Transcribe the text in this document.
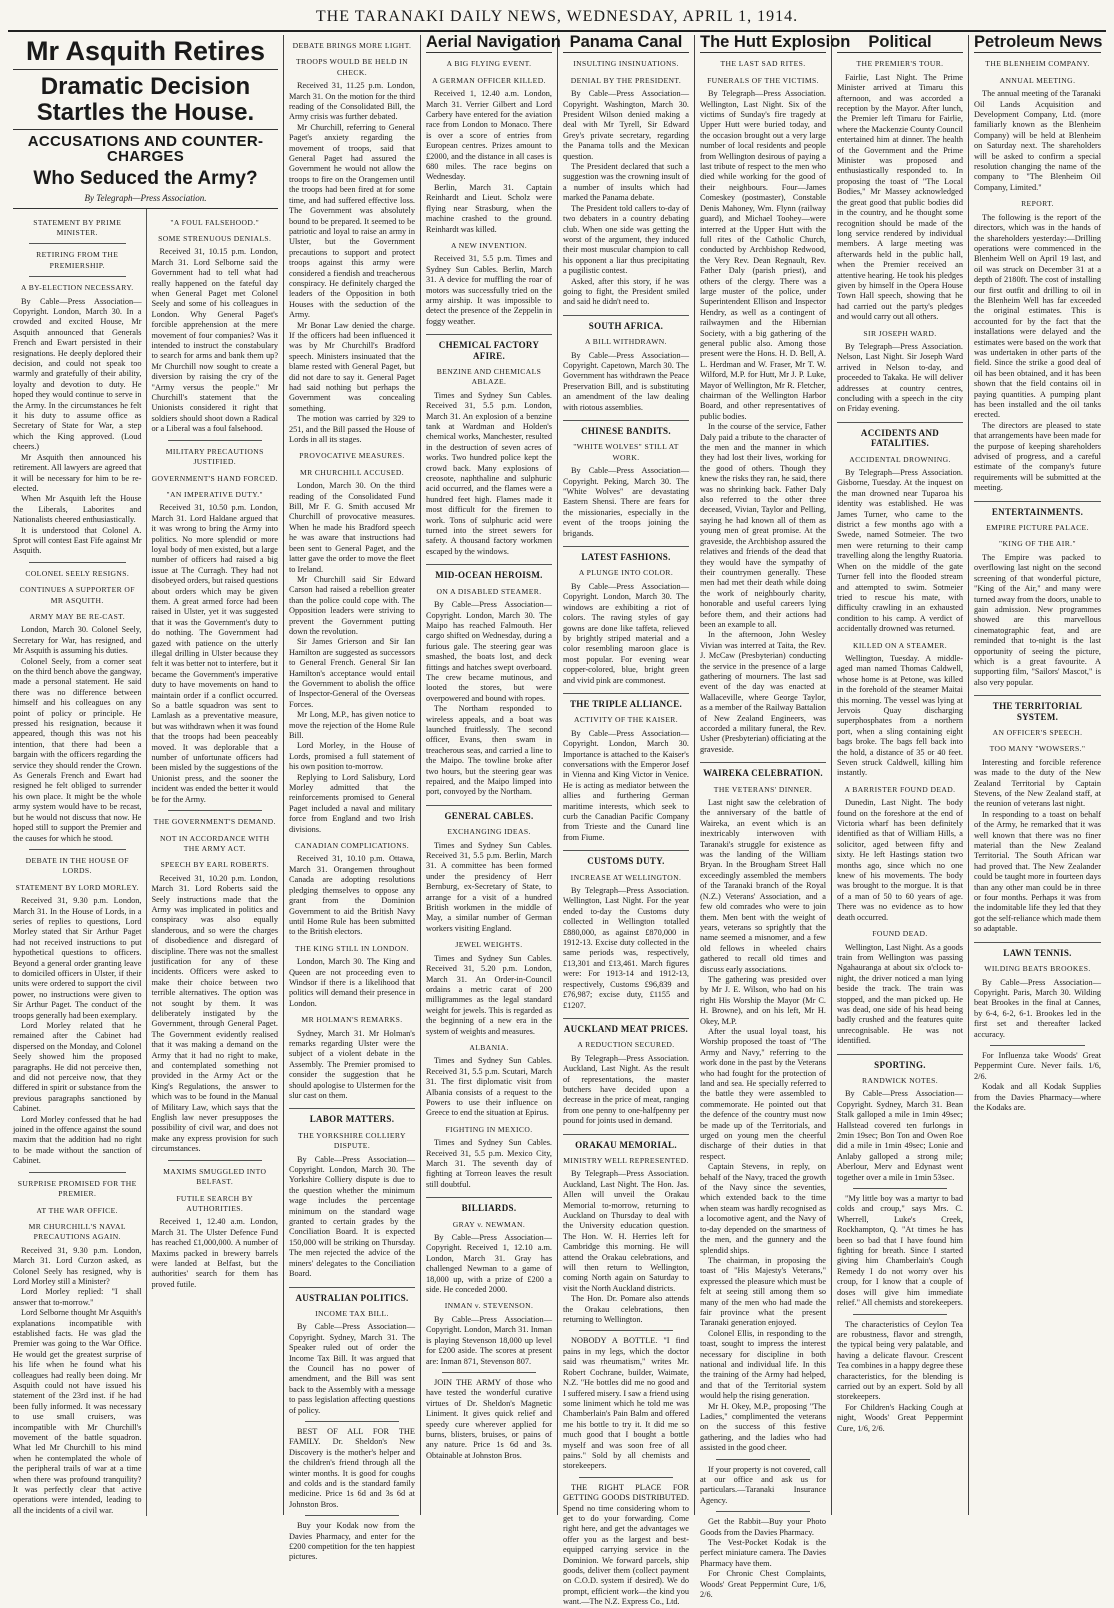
THE TARANAKI DAILY NEWS, WEDNESDAY, APRIL 1, 1914.
Mr Asquith Retires
Dramatic Decision Startles the House.
ACCUSATIONS AND COUNTER-CHARGES
Who Seduced the Army?
By Telegraph—Press Association.
STATEMENT BY PRIME MINISTER.
RETIRING FROM THE PREMIERSHIP.
A BY-ELECTION NECESSARY.

By Cable—Press Association—Copyright. London, March 30. In a crowded and excited House, Mr Asquith announced that Generals French and Ewart persisted in their resignations. He deeply deplored their decision, and could not speak too warmly and gratefully of their ability, loyalty and devotion to duty. He hoped they would continue to serve in the Army. In the circumstances he felt it his duty to assume office as Secretary of State for War, a step which the King approved. (Loud cheers.)

Mr Asquith then announced his retirement. All lawyers are agreed that it will be necessary for him to be re-elected.

When Mr Asquith left the House the Liberals, Laborites and Nationalists cheered enthusiastically.

It is understood that Colonel A. Sprot will contest East Fife against Mr Asquith.

COLONEL SEELY RESIGNS.
CONTINUES A SUPPORTER OF MR ASQUITH.
ARMY MAY BE RE-CAST.

London, March 30. Colonel Seely, Secretary for War, has resigned, and Mr Asquith is assuming his duties.

Colonel Seely, from a corner seat on the third bench above the gangway, made a personal statement. He said there was no difference between himself and his colleagues on any point of policy or principle. He pressed his resignation, because it appeared, though this was not his intention, that there had been a bargain with the officers regarding the service they should render the Crown. As Generals French and Ewart had resigned he felt obliged to surrender his own place. It might be the whole army system would have to be recast, but he would not discuss that now. He hoped still to support the Premier and the causes for which he stood.

DEBATE IN THE HOUSE OF LORDS.
STATEMENT BY LORD MORLEY.

Received 31, 9.30 p.m. London, March 31. In the House of Lords, in a series of replies to questions, Lord Morley stated that Sir Arthur Paget had not received instructions to put hypothetical questions to officers. Beyond a general order granting leave to domiciled officers in Ulster, if their units were ordered to support the civil power, no instructions were given to Sir Arthur Paget. The conduct of the troops generally had been exemplary.

Lord Morley related that he remained after the Cabinet had dispersed on the Monday, and Colonel Seely showed him the proposed paragraphs. He did not perceive then, and did not perceive now, that they differed in spirit or substance from the previous paragraphs sanctioned by Cabinet.

Lord Morley confessed that he had joined in the offence against the sound maxim that the addition had no right to be made without the sanction of Cabinet.

SURPRISE PROMISED FOR THE PREMIER.
AT THE WAR OFFICE.
MR CHURCHILL'S NAVAL PRECAUTIONS AGAIN.

Received 31, 9.30 p.m. London, March 31. Lord Curzon asked, as Colonel Seely has resigned, why is Lord Morley still a Minister?

Lord Morley replied: "I shall answer that to-morrow."

Lord Selborne thought Mr Asquith's explanations incompatible with established facts. He was glad the Premier was going to the War Office. He would get the greatest surprise of his life when he found what his colleagues had really been doing. Mr Asquith could not have issued his statement of the 23rd inst. if he had been fully informed. It was necessary to use small cruisers, was incompatible with Mr Churchill's movement of the battle squadron. What led Mr Churchill to his mind when he contemplated the whole of the peripheral trails of war at a time when there was profound tranquility? It was perfectly clear that active operations were intended, leading to all the incidents of a civil war.

"A FOUL FALSEHOOD."
SOME STRENUOUS DENIALS.

Received 31, 10.15 p.m. London, March 31. Lord Selborne said the Government had to tell what had really happened on the fateful day when General Paget met Colonel Seely and some of his colleagues in London. Why General Paget's forcible apprehension at the mere movement of four companies? Was it intended to instruct the constabulary to search for arms and bank them up? Mr Churchill now sought to create a diversion by raising the cry of the "Army versus the people." Mr Churchill's statement that the Unionists considered it right that soldiers should shoot down a Radical or a Liberal was a foul falsehood.

MILITARY PRECAUTIONS JUSTIFIED.
GOVERNMENT'S HAND FORCED.
"AN IMPERATIVE DUTY."

Received 31, 10.50 p.m. London, March 31. Lord Haldane argued that it was wrong to bring the Army into politics. No more splendid or more loyal body of men existed, but a large number of officers had raised a big issue at The Curragh. They had not disobeyed orders, but raised questions about orders which may be given them. A great armed force had been raised in Ulster, yet it was suggested that it was the Government's duty to do nothing. The Government had gazed with patience on the utterly illegal drilling in Ulster because they felt it was better not to interfere, but it became the Government's imperative duty to have movements on hand to maintain order if a conflict occurred. So a battle squadron was sent to Lamlash as a preventative measure, but was withdrawn when it was found that the troops had been peaceably moved. It was deplorable that a number of unfortunate officers had been misled by the suggestions of the Unionist press, and the sooner the incident was ended the better it would be for the Army.

THE GOVERNMENT'S DEMAND.
NOT IN ACCORDANCE WITH THE ARMY ACT.
SPEECH BY EARL ROBERTS.

Received 31, 10.20 p.m. London, March 31. Lord Roberts said the Seely instructions made that the Army was implicated in politics and conspiracy was also equally slanderous, and so were the charges of disobedience and disregard of discipline. There was not the smallest justification for any of these incidents. Officers were asked to make their choice between two terrible alternatives. The option was not sought by them. It was deliberately instigated by the Government, through General Paget. The Government evidently realised that it was making a demand on the Army that it had no right to make, and contemplated something not provided in the Army Act or the King's Regulations, the answer to which was to be found in the Manual of Military Law, which says that the English law never presupposes the possibility of civil war, and does not make any express provision for such circumstances.

MAXIMS SMUGGLED INTO BELFAST.
FUTILE SEARCH BY AUTHORITIES.

Received 1, 12.40 a.m. London, March 31. The Ulster Defence Fund has reached £1,000,000. A number of Maxims packed in brewery barrels were landed at Belfast, but the authorities' search for them has proved futile.

DEBATE BRINGS MORE LIGHT.
TROOPS WOULD BE HELD IN CHECK.

Received 31, 11.25 p.m. London, March 31. On the motion for the third reading of the Consolidated Bill, the Army crisis was further debated.

Mr Churchill, referring to General Paget's anxiety regarding the movement of troops, said that General Paget had assured the Government he would not allow the troops to fire on the Orangemen until the troops had been fired at for some time, and had suffered effective loss. The Government was absolutely bound to be prepared. It seemed to be patriotic and loyal to raise an army in Ulster, but the Government precautions to support and protect troops against this army were considered a fiendish and treacherous conspiracy. He definitely charged the leaders of the Opposition in both Houses with the seduction of the Army.

Mr Bonar Law denied the charge. If the officers had been influenced it was by Mr Churchill's Bradford speech. Ministers insinuated that the blame rested with General Paget, but did not dare to say it. General Paget had said nothing but perhaps the Government was concealing something.

The motion was carried by 329 to 251, and the Bill passed the House of Lords in all its stages.

PROVOCATIVE MEASURES.
MR CHURCHILL ACCUSED.

London, March 30. On the third reading of the Consolidated Fund Bill, Mr F. G. Smith accused Mr Churchill of provocative measures. When he made his Bradford speech he was aware that instructions had been sent to General Paget, and the latter gave the order to move the fleet to Ireland.

Mr Churchill said Sir Edward Carson had raised a rebellion greater than the police could cope with. The Opposition leaders were striving to prevent the Government putting down the revolution.

Sir James Grierson and Sir Ian Hamilton are suggested as successors to General French. General Sir Ian Hamilton's acceptance would entail the Government to abolish the office of Inspector-General of the Overseas Forces.

Mr Long, M.P., has given notice to move the rejection of the Home Rule Bill.

Lord Morley, in the House of Lords, promised a full statement of his own position to-morrow.

Replying to Lord Salisbury, Lord Morley admitted that the reinforcements promised to General Paget included a naval and military force from England and two Irish divisions.

CANADIAN COMPLICATIONS.

Received 31, 10.10 p.m. Ottawa, March 31. Orangemen throughout Canada are adopting resolutions pledging themselves to oppose any grant from the Dominion Government to aid the British Navy until Home Rule has been submitted to the British electors.

THE KING STILL IN LONDON.

London, March 30. The King and Queen are not proceeding even to Windsor if there is a likelihood that politics will demand their presence in London.

MR HOLMAN'S REMARKS.

Sydney, March 31. Mr Holman's remarks regarding Ulster were the subject of a violent debate in the Assembly. The Premier promised to consider the suggestion that he should apologise to Ulstermen for the slur cast on them.

LABOR MATTERS.
THE YORKSHIRE COLLIERY DISPUTE.

By Cable—Press Association—Copyright. London, March 30. The Yorkshire Colliery dispute is due to the question whether the minimum wage includes the percentage minimum on the standard wage granted to certain grades by the Conciliation Board. It is expected 150,000 will be striking on Thursday. The men rejected the advice of the miners' delegates to the Conciliation Board.

AUSTRALIAN POLITICS.
INCOME TAX BILL.

By Cable—Press Association—Copyright. Sydney, March 31. The Speaker ruled out of order the Income Tax Bill. It was argued that the Council has no power of amendment, and the Bill was sent back to the Assembly with a message to pass legislation affecting questions of policy.

BEST OF ALL FOR THE FAMILY. Dr. Sheldon's New Discovery is the mother's helper and the children's friend through all the winter months. It is good for coughs and colds and is the standard family medicine. Price 1s 6d and 3s 6d at Johnston Bros.

Buy your Kodak now from the Davies Pharmacy, and enter for the £200 competition for the ten happiest pictures.

Aerial Navigation
A BIG FLYING EVENT.
A GERMAN OFFICER KILLED.

Received 1, 12.40 a.m. London, March 31. Verrier Gilbert and Lord Carbery have entered for the aviation race from London to Monaco. There is over a score of entries from European centres. Prizes amount to £2000, and the distance in all cases is 680 miles. The race begins on Wednesday.

Berlin, March 31. Captain Reinhardt and Lieut. Scholz were flying near Strasburg, when the machine crashed to the ground. Reinhardt was killed.

A NEW INVENTION.

Received 31, 5.5 p.m. Times and Sydney Sun Cables. Berlin, March 31. A device for muffling the roar of motors was successfully tried on the army airship. It was impossible to detect the presence of the Zeppelin in foggy weather.

CHEMICAL FACTORY AFIRE.
BENZINE AND CHEMICALS ABLAZE.

Times and Sydney Sun Cables. Received 31, 5.5 p.m. London, March 31. An explosion of a benzine tank at Wardman and Holden's chemical works, Manchester, resulted in the destruction of seven acres of works. Two hundred police kept the crowd back. Many explosions of creosote, naphthaline and sulphuric acid occurred, and the flames were a hundred feet high. Flames made it most difficult for the firemen to work. Tons of sulphuric acid were turned into the street sewers for safety. A thousand factory workmen escaped by the windows.

MID-OCEAN HEROISM.
ON A DISABLED STEAMER.

By Cable—Press Association—Copyright. London, March 30. The Maipo has reached Falmouth. Her cargo shifted on Wednesday, during a furious gale. The steering gear was smashed, the boats lost, and deck fittings and hatches swept overboard. The crew became mutinous, and looted the stores, but were overpowered and bound with ropes.

The Northam responded to wireless appeals, and a boat was launched fruitlessly. The second officer, Evans, then swam in treacherous seas, and carried a line to the Maipo. The towline broke after two hours, but the steering gear was repaired, and the Maipo limped into port, convoyed by the Northam.

GENERAL CABLES.
EXCHANGING IDEAS.

Times and Sydney Sun Cables. Received 31, 5.5 p.m. Berlin, March 31. A committee has been formed under the presidency of Herr Bernburg, ex-Secretary of State, to arrange for a visit of a hundred British workmen in the middle of May, a similar number of German workers visiting England.

JEWEL WEIGHTS.

Times and Sydney Sun Cables. Received 31, 5.20 p.m. London, March 31. An Order-in-Council ordains a metric carat of 200 milligrammes as the legal standard weight for jewels. This is regarded as the beginning of a new era in the system of weights and measures.

ALBANIA.

Times and Sydney Sun Cables. Received 31, 5.5 p.m. Scutari, March 31. The first diplomatic visit from Albania consists of a request to the Powers to use their influence on Greece to end the situation at Epirus.

FIGHTING IN MEXICO.

Times and Sydney Sun Cables. Received 31, 5.5 p.m. Mexico City, March 31. The seventh day of fighting at Torreon leaves the result still doubtful.

BILLIARDS.
GRAY v. NEWMAN.

By Cable—Press Association—Copyright. Received 1, 12.10 a.m. London, March 31. Gray has challenged Newman to a game of 18,000 up, with a prize of £200 a side. He conceded 2000.

INMAN v. STEVENSON.

By Cable—Press Association—Copyright. London, March 31. Inman is playing Stevenson 18,000 up level for £200 aside. The scores at present are: Inman 871, Stevenson 807.

JOIN THE ARMY of those who have tested the wonderful curative virtues of Dr. Sheldon's Magnetic Liniment. It gives quick relief and speedy cure wherever applied for burns, blisters, bruises, or pains of any nature. Price 1s 6d and 3s. Obtainable at Johnston Bros.

Panama Canal
INSULTING INSINUATIONS.
DENIAL BY THE PRESIDENT.

By Cable—Press Association—Copyright. Washington, March 30. President Wilson denied making a deal with Mr Tyrell, Sir Edward Grey's private secretary, regarding the Panama tolls and the Mexican question.

The President declared that such a suggestion was the crowning insult of a number of insults which had marked the Panama debate.

The President told callers to-day of two debaters in a country debating club. When one side was getting the worst of the argument, they induced their most muscular champion to call his opponent a liar thus precipitating a pugilistic contest.

Asked, after this story, if he was going to fight, the President smiled and said he didn't need to.

SOUTH AFRICA.
A BILL WITHDRAWN.

By Cable—Press Association—Copyright. Capetown, March 30. The Government has withdrawn the Peace Preservation Bill, and is substituting an amendment of the law dealing with riotous assemblies.

CHINESE BANDITS.
"WHITE WOLVES" STILL AT WORK.

By Cable—Press Association—Copyright. Peking, March 30. The "White Wolves" are devastating Eastern Shensi. There are fears for the missionaries, especially in the event of the troops joining the brigands.

LATEST FASHIONS.
A PLUNGE INTO COLOR.

By Cable—Press Association—Copyright. London, March 30. The windows are exhibiting a riot of colors. The raving styles of gay gowns are done like taffeta, relieved by brightly striped material and a color resembling maroon glace is most popular. For evening wear copper-colored, blue, bright green and vivid pink are commonest.

THE TRIPLE ALLIANCE.
ACTIVITY OF THE KAISER.

By Cable—Press Association—Copyright. London, March 30. Importance is attached to the Kaiser's conversations with the Emperor Josef in Vienna and King Victor in Venice. He is acting as mediator between the allies and furthering German maritime interests, which seek to curb the Canadian Pacific Company from Trieste and the Cunard line from Fiume.

CUSTOMS DUTY.
INCREASE AT WELLINGTON.

By Telegraph—Press Association. Wellington, Last Night. For the year ended to-day the Customs duty collected in Wellington totalled £880,000, as against £870,000 in 1912-13. Excise duty collected in the same periods was, respectively, £13,301 and £13,461. March figures were: For 1913-14 and 1912-13, respectively, Customs £96,839 and £76,987; excise duty, £1155 and £1207.

AUCKLAND MEAT PRICES.
A REDUCTION SECURED.

By Telegraph—Press Association. Auckland, Last Night. As the result of representations, the master butchers have decided upon a decrease in the price of meat, ranging from one penny to one-halfpenny per pound for joints used in demand.

ORAKAU MEMORIAL.
MINISTRY WELL REPRESENTED.

By Telegraph—Press Association. Auckland, Last Night. The Hon. Jas. Allen will unveil the Orakau Memorial to-morrow, returning to Auckland on Thursday to deal with the University education question. The Hon. W. H. Herries left for Cambridge this morning. He will attend the Orakau celebrations, and will then return to Wellington, coming North again on Saturday to visit the North Auckland districts.

The Hon. Dr. Pomare also attends the Orakau celebrations, then returning to Wellington.

NOBODY A BOTTLE. "I find pains in my legs, which the doctor said was rheumatism," writes Mr. Robert Cochrane, builder, Waimate, N.Z. "He bottles did me no good and I suffered misery. I saw a friend using some liniment which he told me was Chamberlain's Pain Balm and offered me his bottle to try it. It did me so much good that I bought a bottle myself and was soon free of all pains." Sold by all chemists and storekeepers.

THE RIGHT PLACE FOR GETTING GOODS DISTRIBUTED. Spend no time considering whom to get to do your forwarding. Come right here, and get the advantages we offer you as the largest and best-equipped carrying service in the Dominion. We forward parcels, ship goods, deliver them (collect payment on C.O.D. system if desired). We do prompt, efficient work—the kind you want.—The N.Z. Express Co., Ltd.

The Hutt Explosion
THE LAST SAD RITES.
FUNERALS OF THE VICTIMS.

By Telegraph—Press Association. Wellington, Last Night. Six of the victims of Sunday's fire tragedy at Upper Hutt were buried today, and the occasion brought out a very large number of local residents and people from Wellington desirous of paying a last tribute of respect to the men who died while working for the good of their neighbours. Four—James Comeskey (postmaster), Constable Denis Mahoney, Wm. Flynn (railway guard), and Michael Toohey—were interred at the Upper Hutt with the full rites of the Catholic Church, conducted by Archbishop Redwood, the Very Rev. Dean Regnault, Rev. Father Daly (parish priest), and others of the clergy. There was a large muster of the police, under Superintendent Ellison and Inspector Hendry, as well as a contingent of railwaymen and the Hibernian Society, with a big gathering of the general public also. Among those present were the Hons. H. D. Bell, A. L. Herdman and W. Fraser, Mr T. W. Wilford, M.P. for Hutt, Mr J. P. Luke, Mayor of Wellington, Mr R. Fletcher, chairman of the Wellington Harbor Board, and other representatives of public bodies.

In the course of the service, Father Daly paid a tribute to the character of the men and the manner in which they had lost their lives, working for the good of others. Though they knew the risks they ran, he said, there was no shrinking back. Father Daly also referred to the other three deceased, Vivian, Taylor and Pelling, saying he had known all of them as young men of great promise. At the graveside, the Archbishop assured the relatives and friends of the dead that they would have the sympathy of their countrymen generally. These men had met their death while doing the work of neighbourly charity, honorable and useful careers lying before them, and their actions had been an example to all.

In the afternoon, John Wesley Vivian was interred at Taita, the Rev. J. McCaw (Presbyterian) conducting the service in the presence of a large gathering of mourners. The last sad event of the day was enacted at Wallaceville, where George Taylor, as a member of the Railway Battalion of New Zealand Engineers, was accorded a military funeral, the Rev. Usher (Presbyterian) officiating at the graveside.

WAIREKA CELEBRATION.
THE VETERANS' DINNER.

Last night saw the celebration of the anniversary of the battle of Waireka, an event which is an inextricably interwoven with Taranaki's struggle for existence as was the landing of the William Bryan. In the Brougham Street Hall exceedingly assembled the members of the Taranaki branch of the Royal (N.Z.) Veterans' Association, and a few old comrades who were to join them. Men bent with the weight of years, veterans so sprightly that the name seemed a misnomer, and a few old fellows in wheeled chairs gathered to recall old times and discuss early associations.

The gathering was presided over by Mr J. E. Wilson, who had on his right His Worship the Mayor (Mr C. H. Browne), and on his left, Mr H. Okey, M.P.

After the usual loyal toast, his Worship proposed the toast of "The Army and Navy," referring to the work done in the past by the Veterans who had fought for the protection of land and sea. He specially referred to the battle they were assembled to commemorate. He pointed out that the defence of the country must now be made up of the Territorials, and urged on young men the cheerful discharge of their duties in that respect.

Captain Stevens, in reply, on behalf of the Navy, traced the growth of the Navy since the seventies, which extended back to the time when steam was hardly recognised as a locomotive agent, and the Navy of to-day depended on the smartness of the men, and the gunnery and the splendid ships.

The chairman, in proposing the toast of "His Majesty's Veterans," expressed the pleasure which must be felt at seeing still among them so many of the men who had made the fair province what the present Taranaki generation enjoyed.

Colonel Ellis, in responding to the toast, sought to impress the interest necessary for discipline in both national and individual life. In this the training of the Army had helped, and that of the Territorial system would help the rising generation.

Mr H. Okey, M.P., proposing "The Ladies," complimented the veterans on the success of this festive gathering, and the ladies who had assisted in the good cheer.

If your property is not covered, call at our office and ask us for particulars.—Taranaki Insurance Agency.

Get the Rabbit—Buy your Photo Goods from the Davies Pharmacy.

The Vest-Pocket Kodak is the perfect miniature camera. The Davies Pharmacy have them.

For Chronic Chest Complaints, Woods' Great Peppermint Cure, 1/6, 2/6.

Political
THE PREMIER'S TOUR.

Fairlie, Last Night. The Prime Minister arrived at Timaru this afternoon, and was accorded a reception by the Mayor. After lunch, the Premier left Timaru for Fairlie, where the Mackenzie County Council entertained him at dinner. The health of the Government and the Prime Minister was proposed and enthusiastically responded to. In proposing the toast of "The Local Bodies," Mr Massey acknowledged the great good that public bodies did in the country, and he thought some recognition should be made of the long service rendered by individual members. A large meeting was afterwards held in the public hall, when the Premier received an attentive hearing. He took his pledges given by himself in the Opera House Town Hall speech, showing that he had carried out the party's pledges and would carry out all others.

SIR JOSEPH WARD.

By Telegraph—Press Association. Nelson, Last Night. Sir Joseph Ward arrived in Nelson to-day, and proceeded to Takaka. He will deliver addresses at country centres, concluding with a speech in the city on Friday evening.

ACCIDENTS AND FATALITIES.
ACCIDENTAL DROWNING.

By Telegraph—Press Association. Gisborne, Tuesday. At the inquest on the man drowned near Tuparoa his identity was established. He was James Turner, who came to the district a few months ago with a Swede, named Sotmeier. The two men were returning to their camp travelling along the lengthy Ruatoria. When on the middle of the gate Turner fell into the flooded stream and attempted to swim. Sotmeier tried to rescue his mate, with difficulty crawling in an exhausted condition to his camp. A verdict of accidentally drowned was returned.

KILLED ON A STEAMER.

Wellington, Tuesday. A middle-aged man named Thomas Caldwell, whose home is at Petone, was killed in the forehold of the steamer Maitai this morning. The vessel was lying at Jervois Quay discharging superphosphates from a northern port, when a sling containing eight bags broke. The bags fell back into the hold, a distance of 35 or 40 feet. Seven struck Caldwell, killing him instantly.

A BARRISTER FOUND DEAD.

Dunedin, Last Night. The body found on the foreshore at the end of Victoria wharf has been definitely identified as that of William Hills, a solicitor, aged between fifty and sixty. He left Hastings station two months ago, since which no one knew of his movements. The body was brought to the morgue. It is that of a man of 50 to 60 years of age. There was no evidence as to how death occurred.

FOUND DEAD.

Wellington, Last Night. As a goods train from Wellington was passing Ngahauranga at about six o'clock to-night, the driver noticed a man lying beside the track. The train was stopped, and the man picked up. He was dead, one side of his head being badly crushed and the features quite unrecognisable. He was not identified.

SPORTING.
RANDWICK NOTES.

By Cable—Press Association—Copyright. Sydney, March 31. Bean Stalk galloped a mile in 1min 49sec; Hallstead covered ten furlongs in 2min 19sec; Bon Ton and Owen Roe did a mile in 1min 49sec; Lonie and Anlaby galloped a strong mile; Aberlour, Merv and Edynast went together over a mile in 1min 53sec.

"My little boy was a martyr to bad colds and croup," says Mrs. C. Wherrell, Luke's Creek, Rockhampton, Q. "At times he has been so bad that I have found him fighting for breath. Since I started giving him Chamberlain's Cough Remedy I do not worry over his croup, for I know that a couple of doses will give him immediate relief." All chemists and storekeepers.

The characteristics of Ceylon Tea are robustness, flavor and strength, the typical being very palatable, and having a delicate flavour. Crescent Tea combines in a happy degree these characteristics, for the blending is carried out by an expert. Sold by all storekeepers.

For Children's Hacking Cough at night, Woods' Great Peppermint Cure, 1/6, 2/6.

Petroleum News
THE BLENHEIM COMPANY.
ANNUAL MEETING.

The annual meeting of the Taranaki Oil Lands Acquisition and Development Company, Ltd. (more familiarly known as the Blenheim Company) will be held at Blenheim on Saturday next. The shareholders will be asked to confirm a special resolution changing the name of the company to "The Blenheim Oil Company, Limited."

REPORT.

The following is the report of the directors, which was in the hands of the shareholders yesterday:—Drilling operations were commenced in the Blenheim Well on April 19 last, and oil was struck on December 31 at a depth of 2180ft. The cost of installing our first outfit and drilling to oil in the Blenheim Well has far exceeded the original estimates. This is accounted for by the fact that the installations were delayed and the estimates were based on the work that was undertaken in other parts of the field. Since the strike a good deal of oil has been obtained, and it has been shown that the field contains oil in paying quantities. A pumping plant has been installed and the oil tanks erected.

The directors are pleased to state that arrangements have been made for the purpose of keeping shareholders advised of progress, and a careful estimate of the company's future requirements will be submitted at the meeting.

ENTERTAINMENTS.
EMPIRE PICTURE PALACE.
"KING OF THE AIR."

The Empire was packed to overflowing last night on the second screening of that wonderful picture, "King of the Air," and many were turned away from the doors, unable to gain admission. New programmes showed are this marvellous cinematographic feat, and are reminded that to-night is the last opportunity of seeing the picture, which is a great favourite. A supporting film, "Sailors' Mascot," is also very popular.

THE TERRITORIAL SYSTEM.
AN OFFICER'S SPEECH.
TOO MANY "WOWSERS."

Interesting and forcible reference was made to the duty of the New Zealand Territorial by Captain Stevens, of the New Zealand staff, at the reunion of veterans last night.

In responding to a toast on behalf of the Army, he remarked that it was well known that there was no finer material than the New Zealand Territorial. The South African war had proved that. The New Zealander could be taught more in fourteen days than any other man could be in three or four months. Perhaps it was from the indomitable life they led that they got the self-reliance which made them so adaptable.

LAWN TENNIS.
WILDING BEATS BROOKES.

By Cable—Press Association—Copyright. Paris, March 30. Wilding beat Brookes in the final at Cannes, by 6-4, 6-2, 6-1. Brookes led in the first set and thereafter lacked accuracy.

For Influenza take Woods' Great Peppermint Cure. Never fails. 1/6, 2/6.

Kodak and all Kodak Supplies from the Davies Pharmacy—where the Kodaks are.
